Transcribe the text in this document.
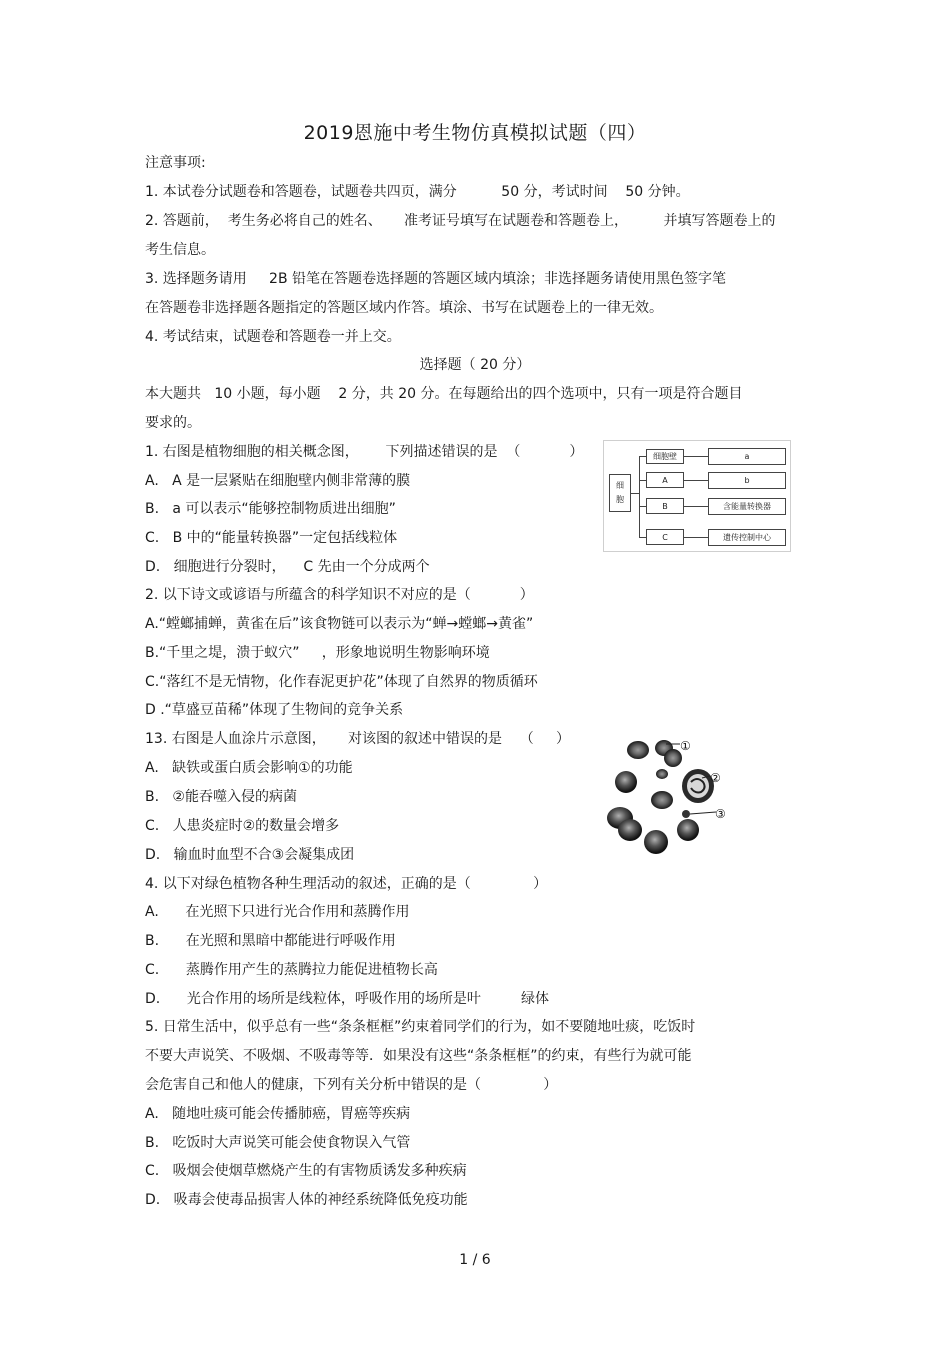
2019恩施中考生物仿真模拟试题（四）
注意事项:
1. 本试卷分试题卷和答题卷，试题卷共四页，满分          50 分，考试时间    50 分钟。
2. 答题前，  考生务必将自己的姓名、     准考证号填写在试题卷和答题卷上，        并填写答题卷上的
考生信息。
3. 选择题务请用     2B 铅笔在答题卷选择题的答题区域内填涂；非选择题务请使用黑色签字笔
在答题卷非选择题各题指定的答题区域内作答。填涂、书写在试题卷上的一律无效。
4. 考试结束，试题卷和答题卷一并上交。
选择题（ 20 分）
本大题共   10 小题，每小题    2 分，共 20 分。在每题给出的四个选项中，只有一项是符合题目
要求的。
1. 右图是植物细胞的相关概念图，      下列描述错误的是  （           ）
A.   A 是一层紧贴在细胞壁内侧非常薄的膜
B.   a 可以表示“能够控制物质进出细胞”
C.   B 中的“能量转换器”一定包括线粒体
D.   细胞进行分裂时，    C 先由一个分成两个
细
胞
细胞壁	a
A	b
B	含能量转换器
C	遗传控制中心
2. 以下诗文或谚语与所蕴含的科学知识不对应的是（           ）
A.“螳螂捕蝉，黄雀在后”该食物链可以表示为“蝉→螳螂→黄雀”
B.“千里之堤，溃于蚁穴”     ，形象地说明生物影响环境
C.“落红不是无情物，化作春泥更护花”体现了自然界的物质循环
D .“草盛豆苗稀”体现了生物间的竞争关系
13. 右图是人血涂片示意图，     对该图的叙述中错误的是    （     ）
A.   缺铁或蛋白质会影响①的功能
B.   ②能吞噬入侵的病菌
C.   人患炎症时②的数量会增多
D.   输血时血型不合③会凝集成团
①
②
③
4. 以下对绿色植物各种生理活动的叙述，正确的是（              ）
A.      在光照下只进行光合作用和蒸腾作用
B.      在光照和黑暗中都能进行呼吸作用
C.      蒸腾作用产生的蒸腾拉力能促进植物长高
D.      光合作用的场所是线粒体，呼吸作用的场所是叶         绿体
5. 日常生活中，似乎总有一些“条条框框”约束着同学们的行为，如不要随地吐痰，吃饭时
不要大声说笑、不吸烟、不吸毒等等．如果没有这些“条条框框”的约束，有些行为就可能
会危害自己和他人的健康，下列有关分析中错误的是（              ）
A.   随地吐痰可能会传播肺癌，胃癌等疾病
B.   吃饭时大声说笑可能会使食物误入气管
C.   吸烟会使烟草燃烧产生的有害物质诱发多种疾病
D.   吸毒会使毒品损害人体的神经系统降低免疫功能
1 / 6
